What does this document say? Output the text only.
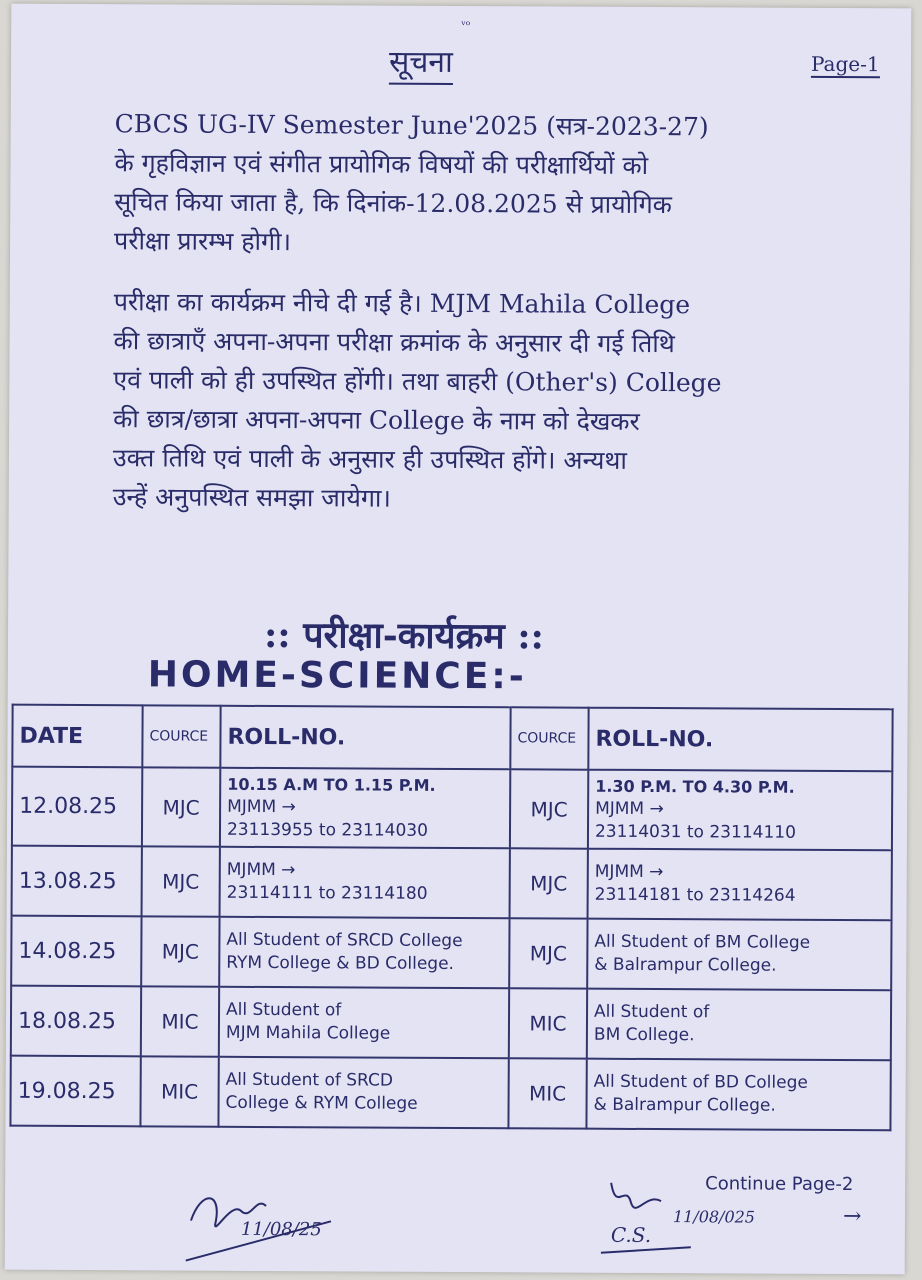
ᵛᵒ
सूचना	Page-1
CBCS UG-IV Semester June'2025 (सत्र-2023-27)
के गृहविज्ञान एवं संगीत प्रायोगिक विषयों की परीक्षार्थियों को
सूचित किया जाता है, कि दिनांक-12.08.2025 से प्रायोगिक
परीक्षा प्रारम्भ होगी।
परीक्षा का कार्यक्रम नीचे दी गई है। MJM Mahila College
की छात्राएँ अपना-अपना परीक्षा क्रमांक के अनुसार दी गई तिथि
एवं पाली को ही उपस्थित होंगी। तथा बाहरी (Other's) College
की छात्र/छात्रा अपना-अपना College के नाम को देखकर
उक्त तिथि एवं पाली के अनुसार ही उपस्थित होंगे। अन्यथा
उन्हें अनुपस्थित समझा जायेगा।
:: परीक्षा-कार्यक्रम ::
HOME-SCIENCE:-
DATE	COURCE	ROLL-NO.	COURCE	ROLL-NO.
12.08.25	MJC	10.15 A.M TO 1.15 P.M.
MJMM →
23113955 to 23114030	MJC	1.30 P.M. TO 4.30 P.M.
MJMM →
23114031 to 23114110

13.08.25	MJC	MJMM →
23114111 to 23114180	MJC	MJMM →
23114181 to 23114264

14.08.25	MJC	All Student of SRCD College
RYM College & BD College.	MJC	All Student of BM College
& Balrampur College.

18.08.25	MIC	All Student of
MJM Mahila College	MIC	All Student of
BM College.

19.08.25	MIC	All Student of SRCD
College & RYM College	MIC	All Student of BD College
& Balrampur College.
11/08/25
11/08/025
C.S.
Continue Page-2
→
